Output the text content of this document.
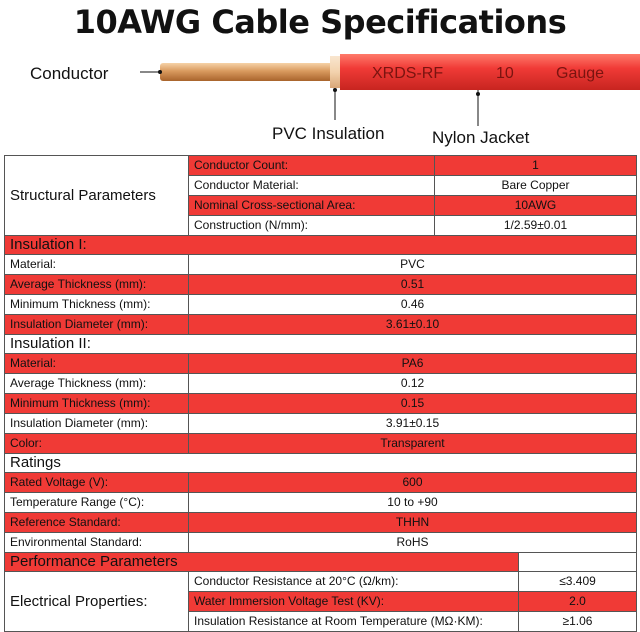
10AWG Cable Specifications
Conductor
PVC Insulation	Nylon Jacket
XRDS-RF	10	Gauge
Structural Parameters	Conductor Count:	1	
	Conductor Material:	Bare Copper	
	Nominal Cross-sectional Area:	10AWG	
	Construction (N/mm):	1/2.59±0.01	
Insulation I:			
Material:	PVC		
Average Thickness (mm):	0.51		
Minimum Thickness (mm):	0.46		
Insulation Diameter (mm):	3.61±0.10		
Insulation II:			
Material:	PA6		
Average Thickness (mm):	0.12		
Minimum Thickness (mm):	0.15		
Insulation Diameter (mm):	3.91±0.15		
Color:	Transparent		
Ratings			
Rated Voltage (V):	600		
Temperature Range (°C):	10 to +90		
Reference Standard:	THHN		
Environmental Standard:	RoHS		
Performance Parameters			
Electrical Properties:	Conductor Resistance at 20°C (Ω/km):		≤3.409
	Water Immersion Voltage Test (KV):		2.0
	Insulation Resistance at Room Temperature (MΩ·KM):		≥1.06
